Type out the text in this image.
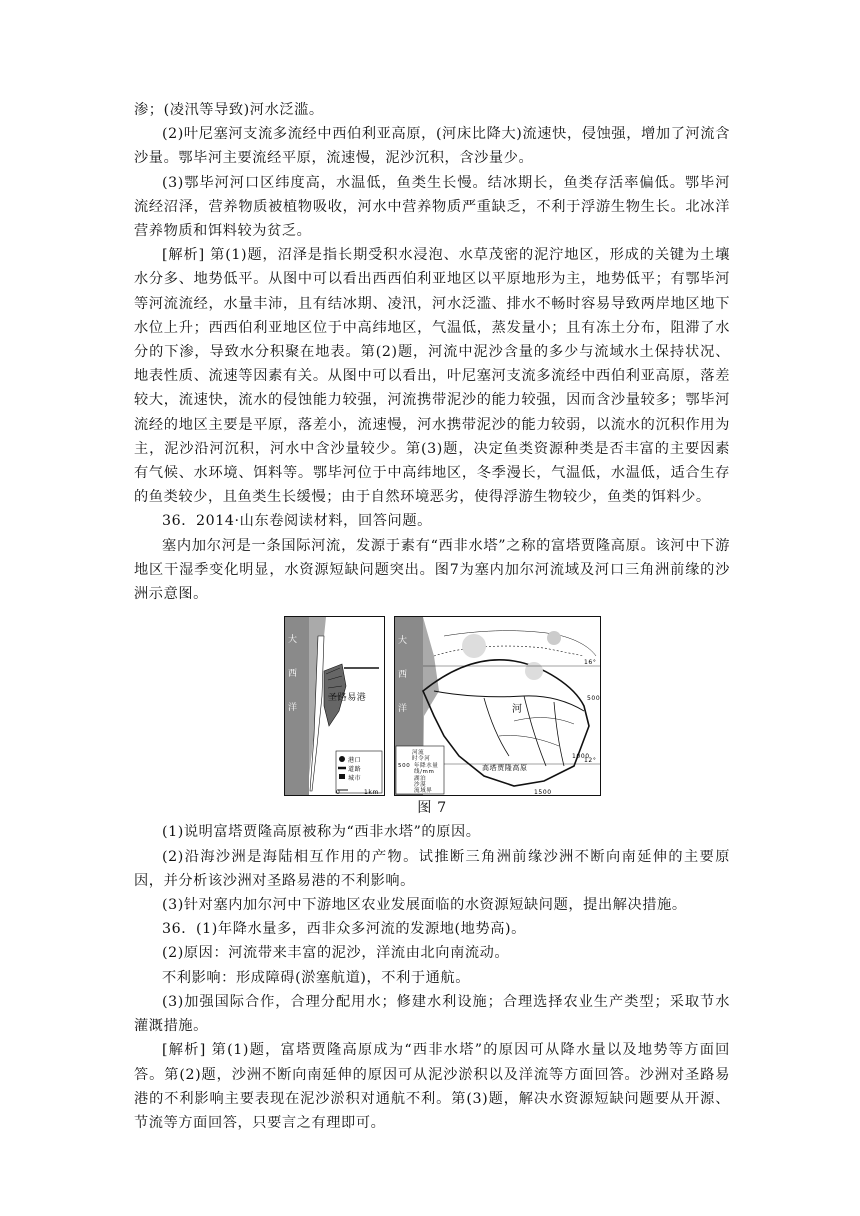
渗；(凌汛等导致)河水泛滥。

(2)叶尼塞河支流多流经中西伯利亚高原，(河床比降大)流速快，侵蚀强，增加了河流含沙量。鄂毕河主要流经平原，流速慢，泥沙沉积，含沙量少。

(3)鄂毕河河口区纬度高，水温低，鱼类生长慢。结冰期长，鱼类存活率偏低。鄂毕河流经沼泽，营养物质被植物吸收，河水中营养物质严重缺乏，不利于浮游生物生长。北冰洋营养物质和饵料较为贫乏。

[解析] 第(1)题，沼泽是指长期受积水浸泡、水草茂密的泥泞地区，形成的关键为土壤水分多、地势低平。从图中可以看出西西伯利亚地区以平原地形为主，地势低平；有鄂毕河等河流流经，水量丰沛，且有结冰期、凌汛，河水泛滥、排水不畅时容易导致两岸地区地下水位上升；西西伯利亚地区位于中高纬地区，气温低，蒸发量小；且有冻土分布，阻滞了水分的下渗，导致水分积聚在地表。第(2)题，河流中泥沙含量的多少与流域水土保持状况、地表性质、流速等因素有关。从图中可以看出，叶尼塞河支流多流经中西伯利亚高原，落差较大，流速快，流水的侵蚀能力较强，河流携带泥沙的能力较强，因而含沙量较多；鄂毕河流经的地区主要是平原，落差小，流速慢，河水携带泥沙的能力较弱，以流水的沉积作用为主，泥沙沿河沉积，河水中含沙量较少。第(3)题，决定鱼类资源种类是否丰富的主要因素有气候、水环境、饵料等。鄂毕河位于中高纬地区，冬季漫长，气温低，水温低，适合生存的鱼类较少，且鱼类生长缓慢；由于自然环境恶劣，使得浮游生物较少，鱼类的饵料少。

36．2014·山东卷阅读材料，回答问题。

塞内加尔河是一条国际河流，发源于素有“西非水塔”之称的富塔贾隆高原。该河中下游地区干湿季变化明显，水资源短缺问题突出。图7为塞内加尔河流域及河口三角洲前缘的沙洲示意图。

大
西
洋
圣路易港
港口
道路
城市
0	1km
大
西
洋	河
16°
12°
500
1000
1500
高塔贾隆高原
河流
时令河
500 年降水量
线/mm
湖泊
沙漠
流域界

图 7

(1)说明富塔贾隆高原被称为“西非水塔”的原因。

(2)沿海沙洲是海陆相互作用的产物。试推断三角洲前缘沙洲不断向南延伸的主要原因，并分析该沙洲对圣路易港的不利影响。

(3)针对塞内加尔河中下游地区农业发展面临的水资源短缺问题，提出解决措施。

36．(1)年降水量多，西非众多河流的发源地(地势高)。

(2)原因：河流带来丰富的泥沙，洋流由北向南流动。

不利影响：形成障碍(淤塞航道)，不利于通航。

(3)加强国际合作，合理分配用水；修建水利设施；合理选择农业生产类型；采取节水灌溉措施。

[解析] 第(1)题，富塔贾隆高原成为“西非水塔”的原因可从降水量以及地势等方面回答。第(2)题，沙洲不断向南延伸的原因可从泥沙淤积以及洋流等方面回答。沙洲对圣路易港的不利影响主要表现在泥沙淤积对通航不利。第(3)题，解决水资源短缺问题要从开源、节流等方面回答，只要言之有理即可。
